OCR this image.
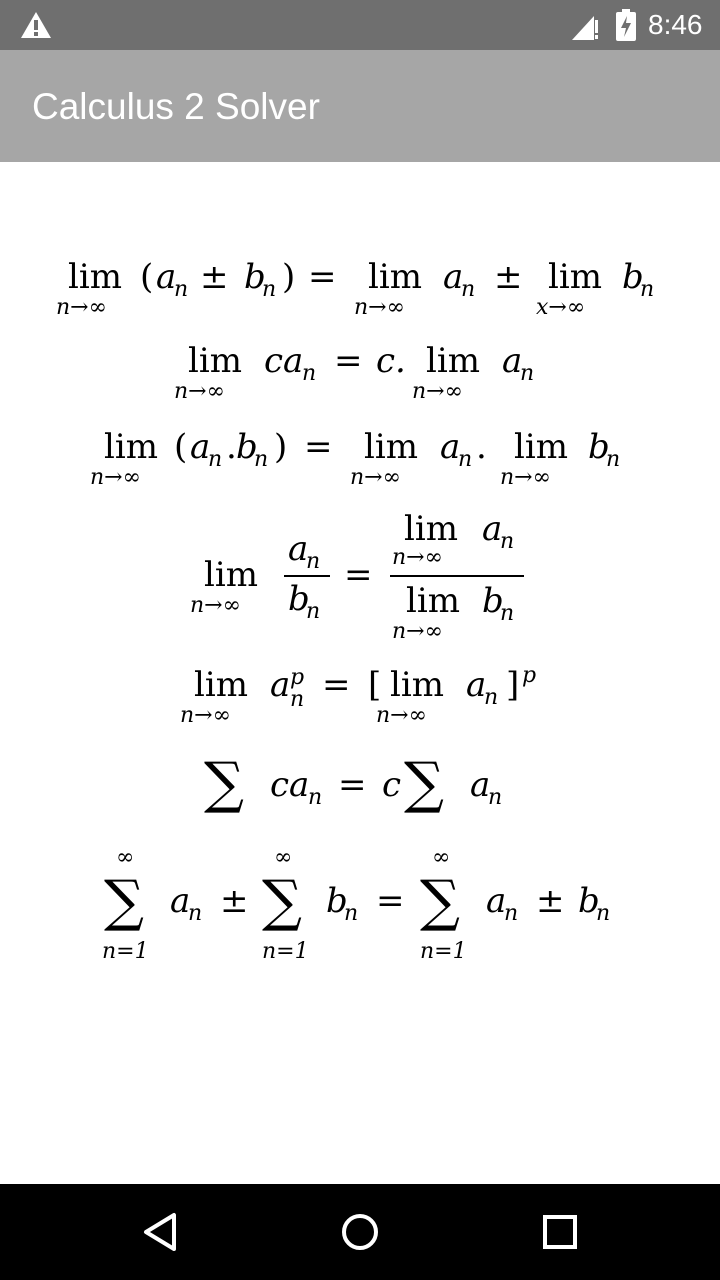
8:46
Calculus 2 Solver
lim
n→∞
( a
n ± b
n ) = lim
n→∞
a
n ± lim
x→∞
b
n
lim
n→∞
ca
n = c. lim
n→∞
a
n
lim
n→∞
( a
n . b
n ) = lim
n→∞
a
n . lim
n→∞
b
n
lim
n→∞
a
n
b
n
=
lim
n→∞
a
n
lim
n→∞
b
n
lim
n→∞
a p
n = [ lim
n→∞
a
n ] p
∑ ca
n = c ∑ a
n
∞
∑
n=1
a
n ±
∞
∑
n=1
b
n =
∞
∑
n=1
a
n ± b
n
